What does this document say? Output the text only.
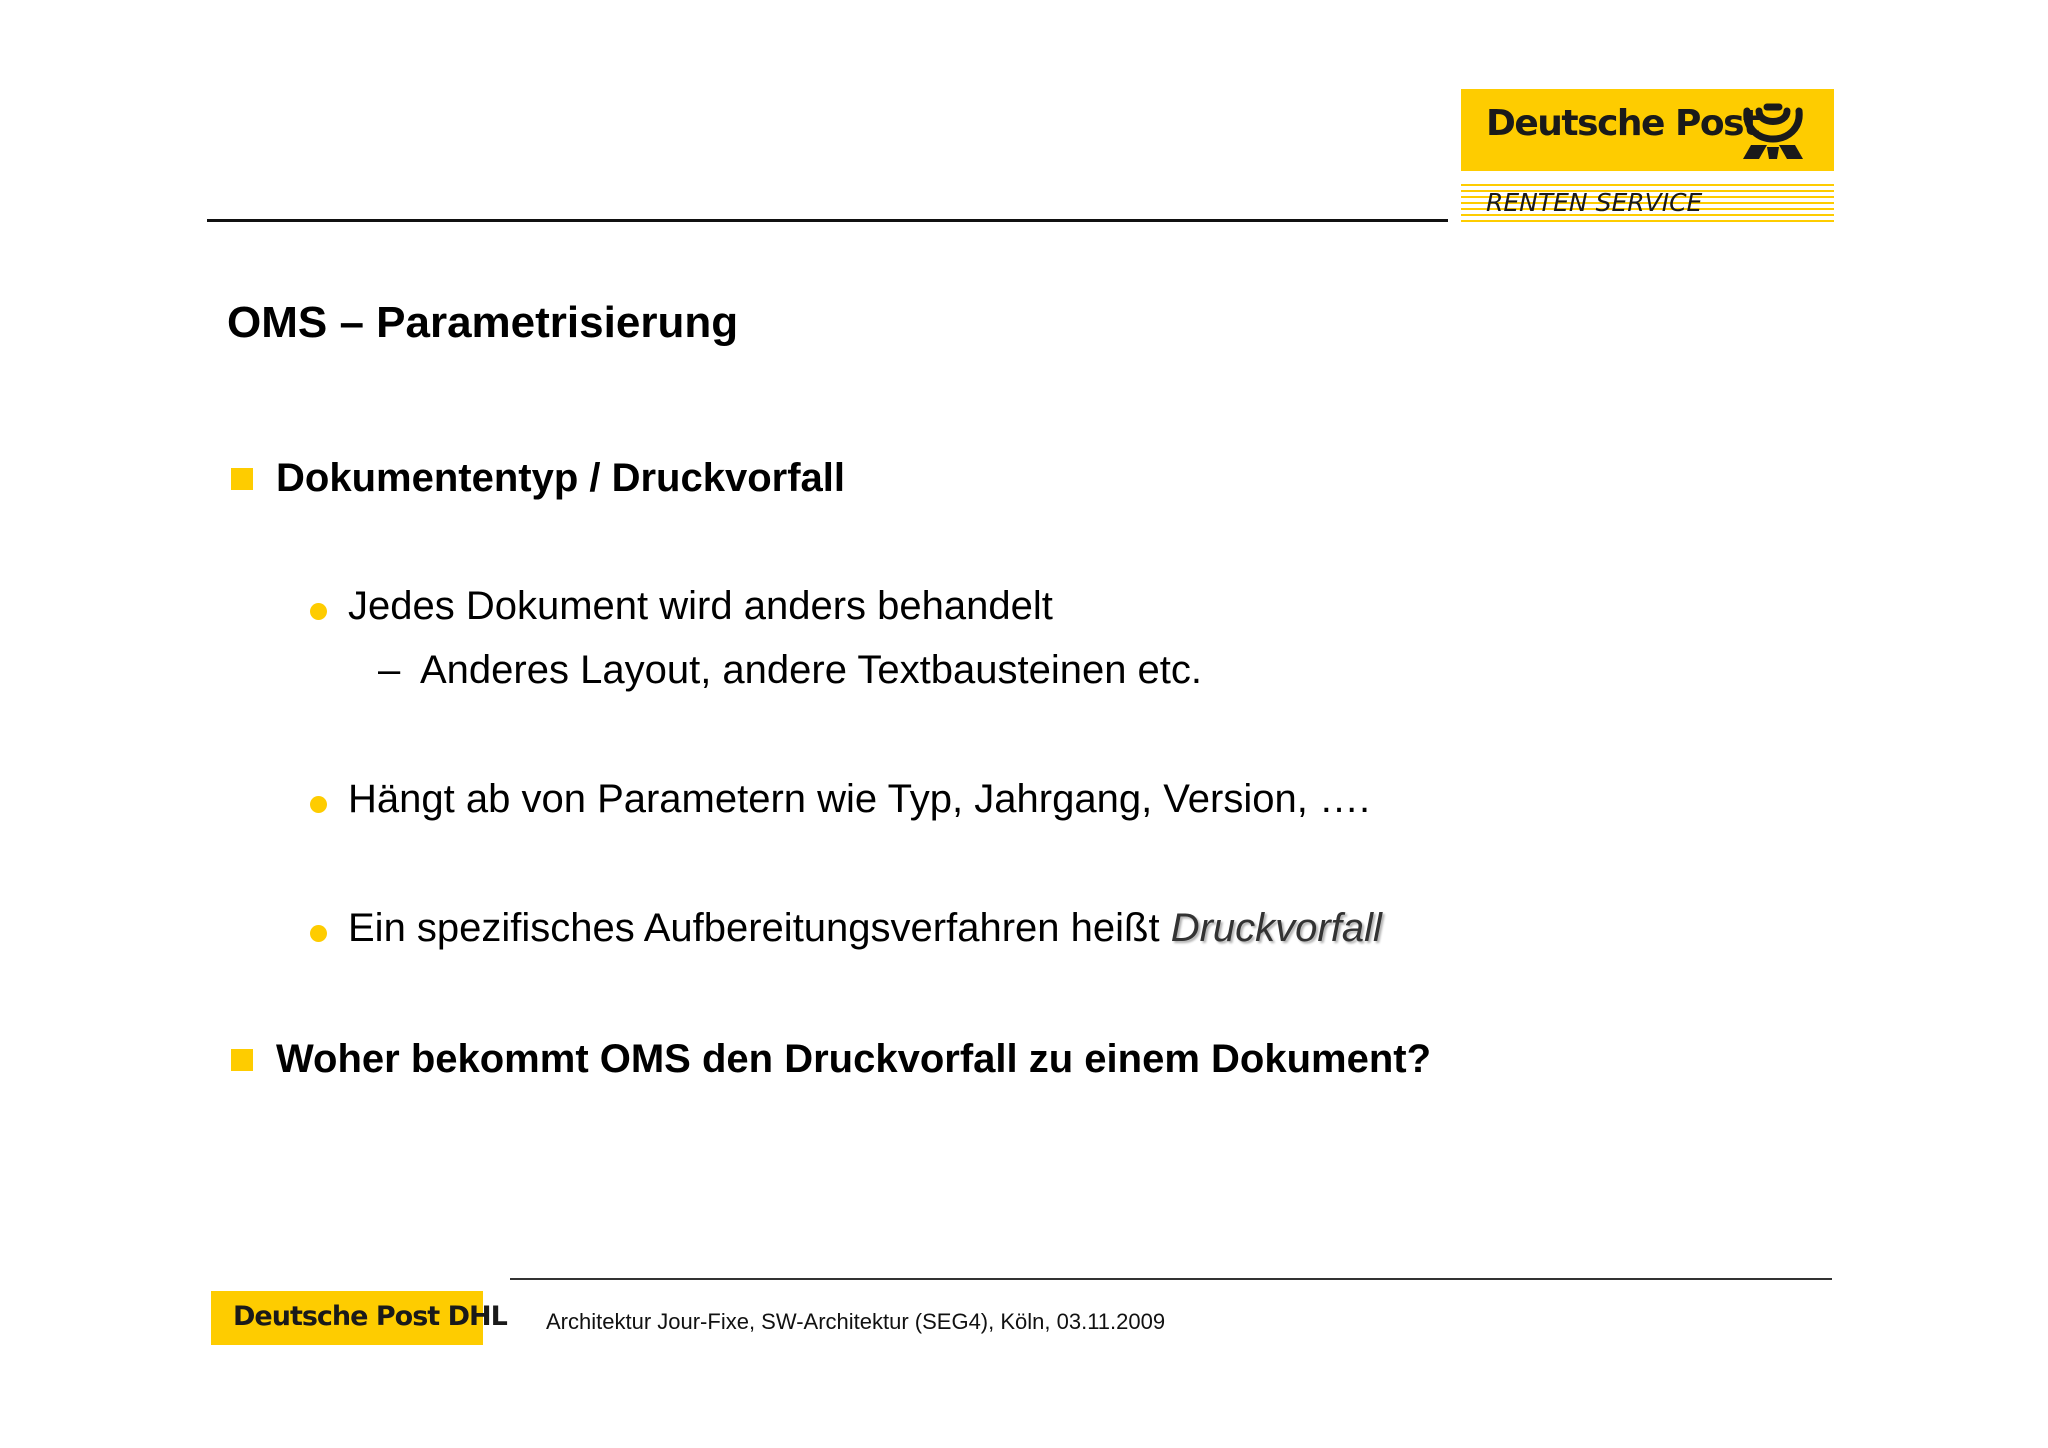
Deutsche Post
RENTEN SERVICE
OMS – Parametrisierung
Dokumententyp / Druckvorfall
Jedes Dokument wird anders behandelt
– Anderes Layout, andere Textbausteinen etc.
Hängt ab von Parametern wie Typ, Jahrgang, Version, ….
Ein spezifisches Aufbereitungsverfahren heißt Druckvorfall
Woher bekommt OMS den Druckvorfall zu einem Dokument?
Deutsche Post DHL Architektur Jour-Fixe, SW-Architektur (SEG4), Köln, 03.11.2009
